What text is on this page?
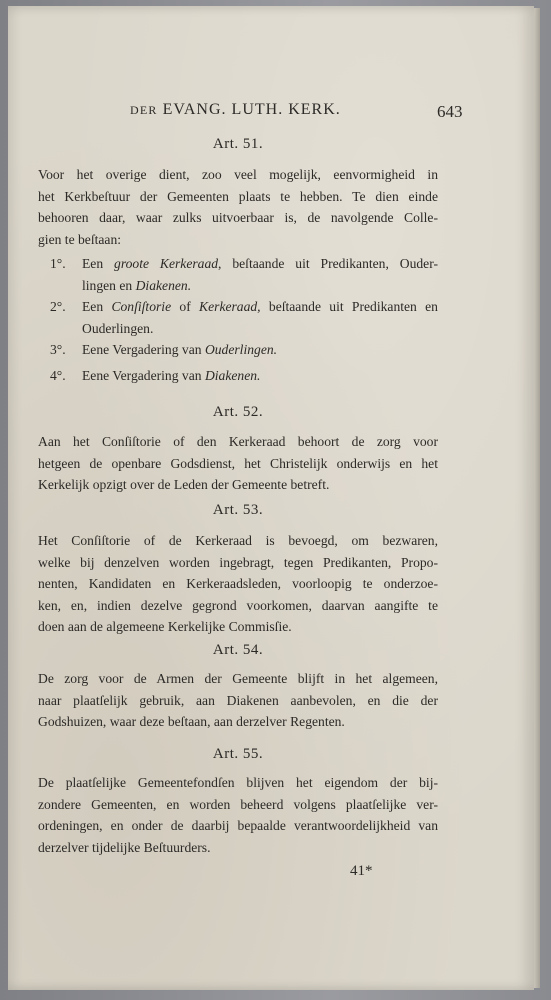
DER EVANG. LUTH. KERK.	643
Art. 51.
Voor het overige dient, zoo veel mogelijk, eenvormigheid in
het Kerkbeſtuur der Gemeenten plaats te hebben. Te dien einde
behooren daar, waar zulks uitvoerbaar is, de navolgende Colle-
gien te beſtaan:
1°. Een groote Kerkeraad, beſtaande uit Predikanten, Ouder-
lingen en Diakenen.
2°. Een Conſiſtorie of Kerkeraad, beſtaande uit Predikanten en
Ouderlingen.
3°. Eene Vergadering van Ouderlingen.
4°. Eene Vergadering van Diakenen.
Art. 52.
Aan het Conſiſtorie of den Kerkeraad behoort de zorg voor
hetgeen de openbare Godsdienst, het Christelijk onderwijs en het
Kerkelijk opzigt over de Leden der Gemeente betreft.
Art. 53.
Het Conſiſtorie of de Kerkeraad is bevoegd, om bezwaren,
welke bij denzelven worden ingebragt, tegen Predikanten, Propo-
nenten, Kandidaten en Kerkeraadsleden, voorloopig te onderzoe-
ken, en, indien dezelve gegrond voorkomen, daarvan aangifte te
doen aan de algemeene Kerkelijke Commisſie.
Art. 54.
De zorg voor de Armen der Gemeente blijft in het algemeen,
naar plaatſelijk gebruik, aan Diakenen aanbevolen, en die der
Godshuizen, waar deze beſtaan, aan derzelver Regenten.
Art. 55.
De plaatſelijke Gemeentefondſen blijven het eigendom der bij-
zondere Gemeenten, en worden beheerd volgens plaatſelijke ver-
ordeningen, en onder de daarbij bepaalde verantwoordelijkheid van
derzelver tijdelijke Beſtuurders.
41*
